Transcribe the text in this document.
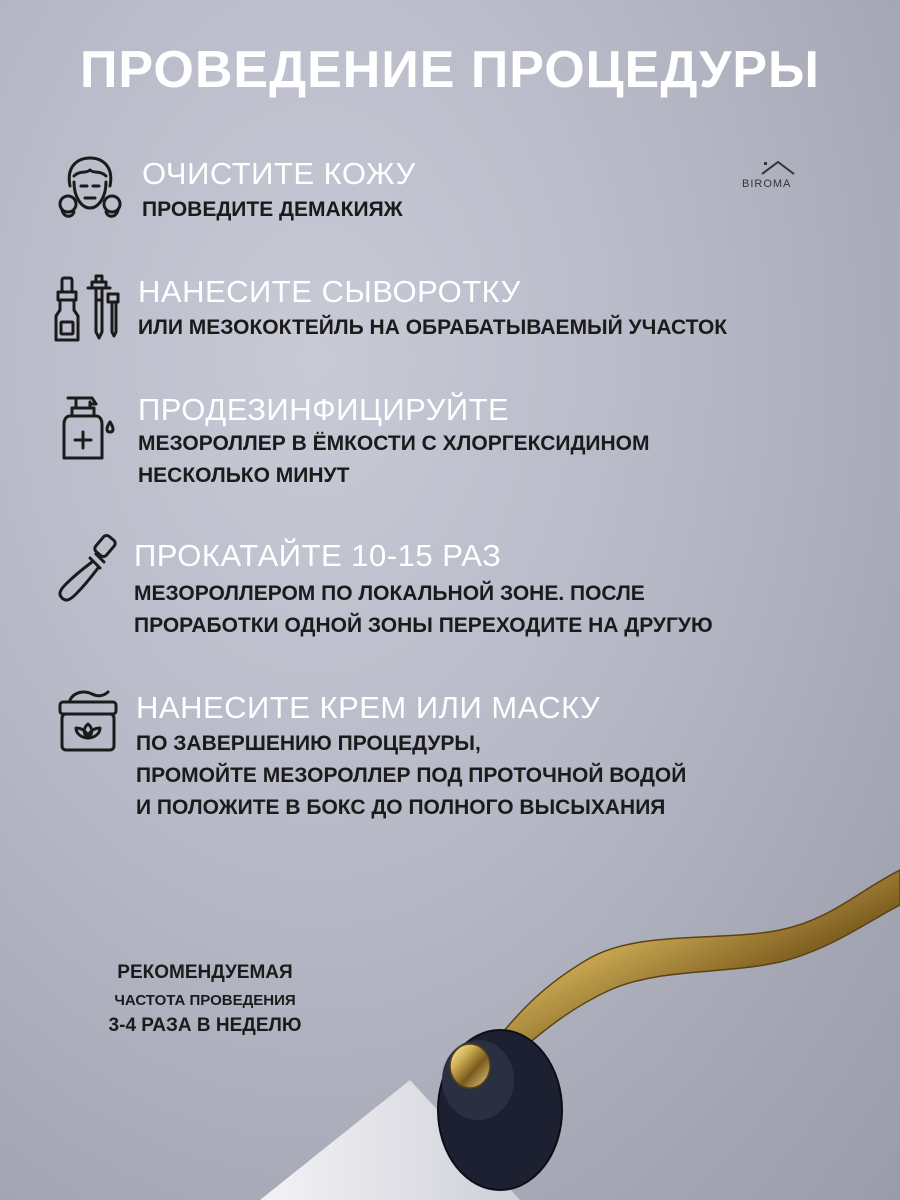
ПРОВЕДЕНИЕ ПРОЦЕДУРЫ
BIROMA
ОЧИСТИТЕ КОЖУ
ПРОВЕДИТЕ ДЕМАКИЯЖ
НАНЕСИТЕ СЫВОРОТКУ
ИЛИ МЕЗОКОКТЕЙЛЬ НА ОБРАБАТЫВАЕМЫЙ УЧАСТОК
ПРОДЕЗИНФИЦИРУЙТЕ
МЕЗОРОЛЛЕР В ЁМКОСТИ С ХЛОРГЕКСИДИНОМ
НЕСКОЛЬКО МИНУТ
ПРОКАТАЙТЕ 10-15 РАЗ
МЕЗОРОЛЛЕРОМ ПО ЛОКАЛЬНОЙ ЗОНЕ. ПОСЛЕ
ПРОРАБОТКИ ОДНОЙ ЗОНЫ ПЕРЕХОДИТЕ НА ДРУГУЮ
НАНЕСИТЕ КРЕМ ИЛИ МАСКУ
ПО ЗАВЕРШЕНИЮ ПРОЦЕДУРЫ,
ПРОМОЙТЕ МЕЗОРОЛЛЕР ПОД ПРОТОЧНОЙ ВОДОЙ
И ПОЛОЖИТЕ В БОКС ДО ПОЛНОГО ВЫСЫХАНИЯ
РЕКОМЕНДУЕМАЯ
ЧАСТОТА ПРОВЕДЕНИЯ
3-4 РАЗА В НЕДЕЛЮ
